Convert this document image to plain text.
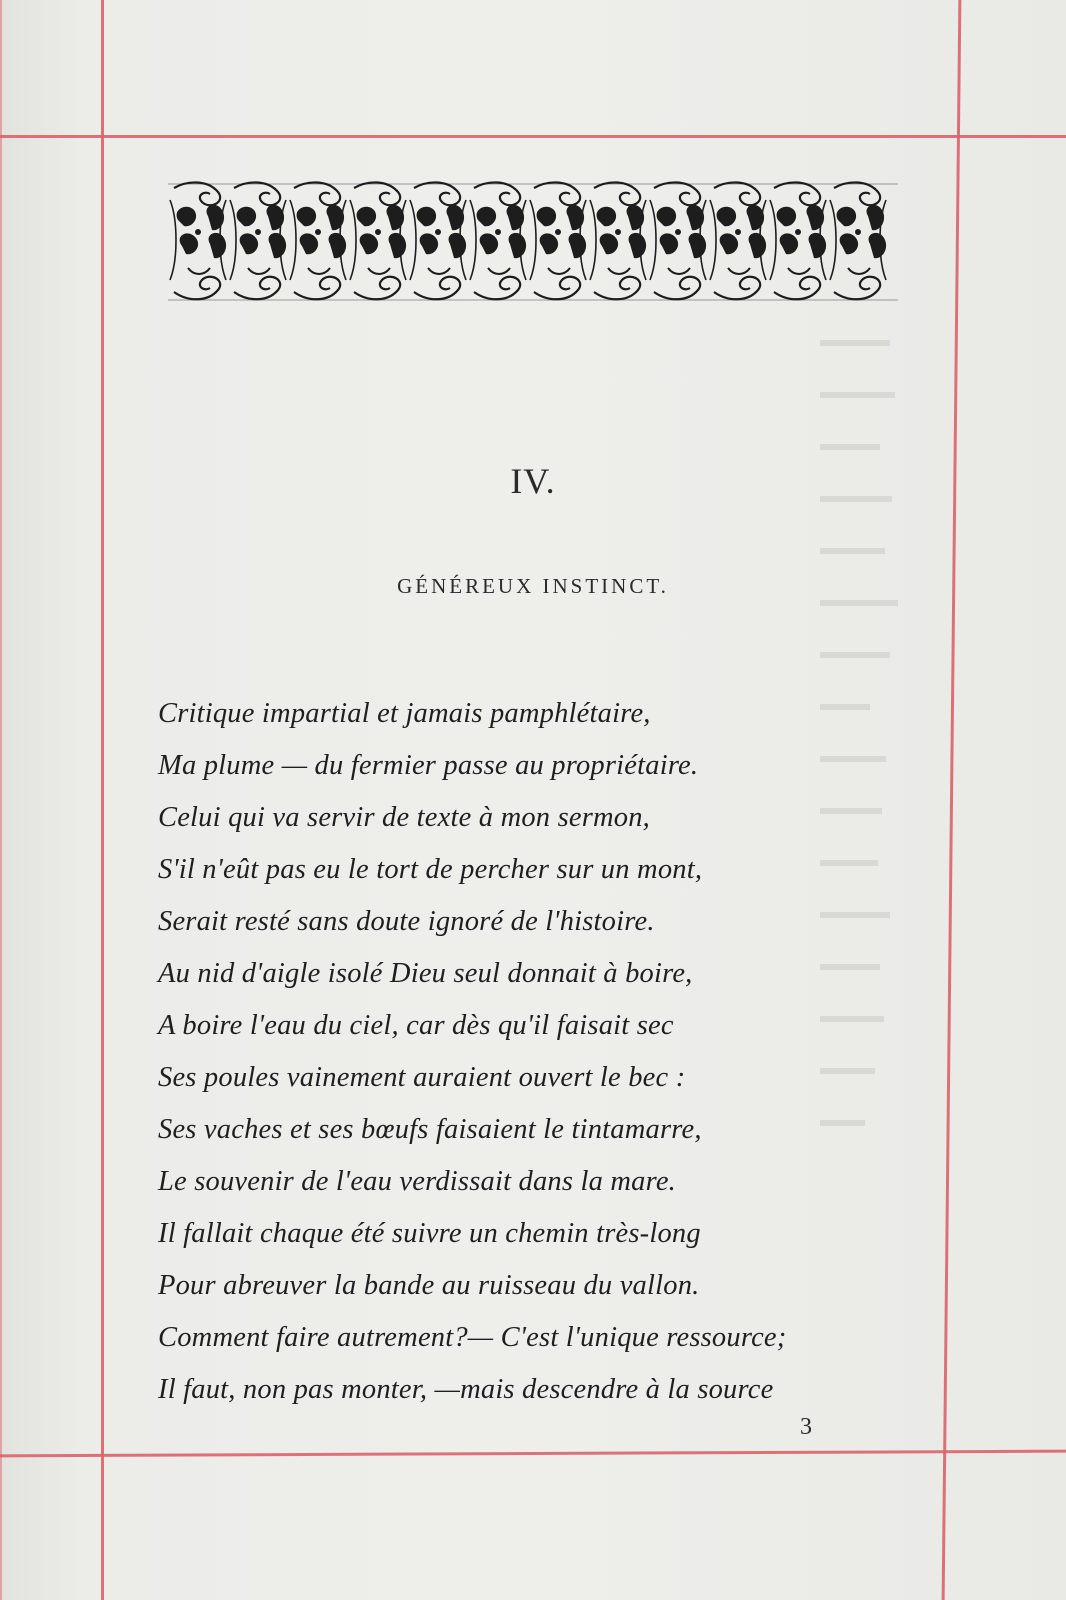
IV.
GÉNÉREUX INSTINCT.
Critique impartial et jamais pamphlétaire,
Ma plume — du fermier passe au propriétaire.
Celui qui va servir de texte à mon sermon,
S'il n'eût pas eu le tort de percher sur un mont,
Serait resté sans doute ignoré de l'histoire.
Au nid d'aigle isolé Dieu seul donnait à boire,
A boire l'eau du ciel, car dès qu'il faisait sec
Ses poules vainement auraient ouvert le bec :
Ses vaches et ses bœufs faisaient le tintamarre,
Le souvenir de l'eau verdissait dans la mare.
Il fallait chaque été suivre un chemin très-long
Pour abreuver la bande au ruisseau du vallon.
Comment faire autrement?— C'est l'unique ressource;
Il faut, non pas monter, —mais descendre à la source
3
